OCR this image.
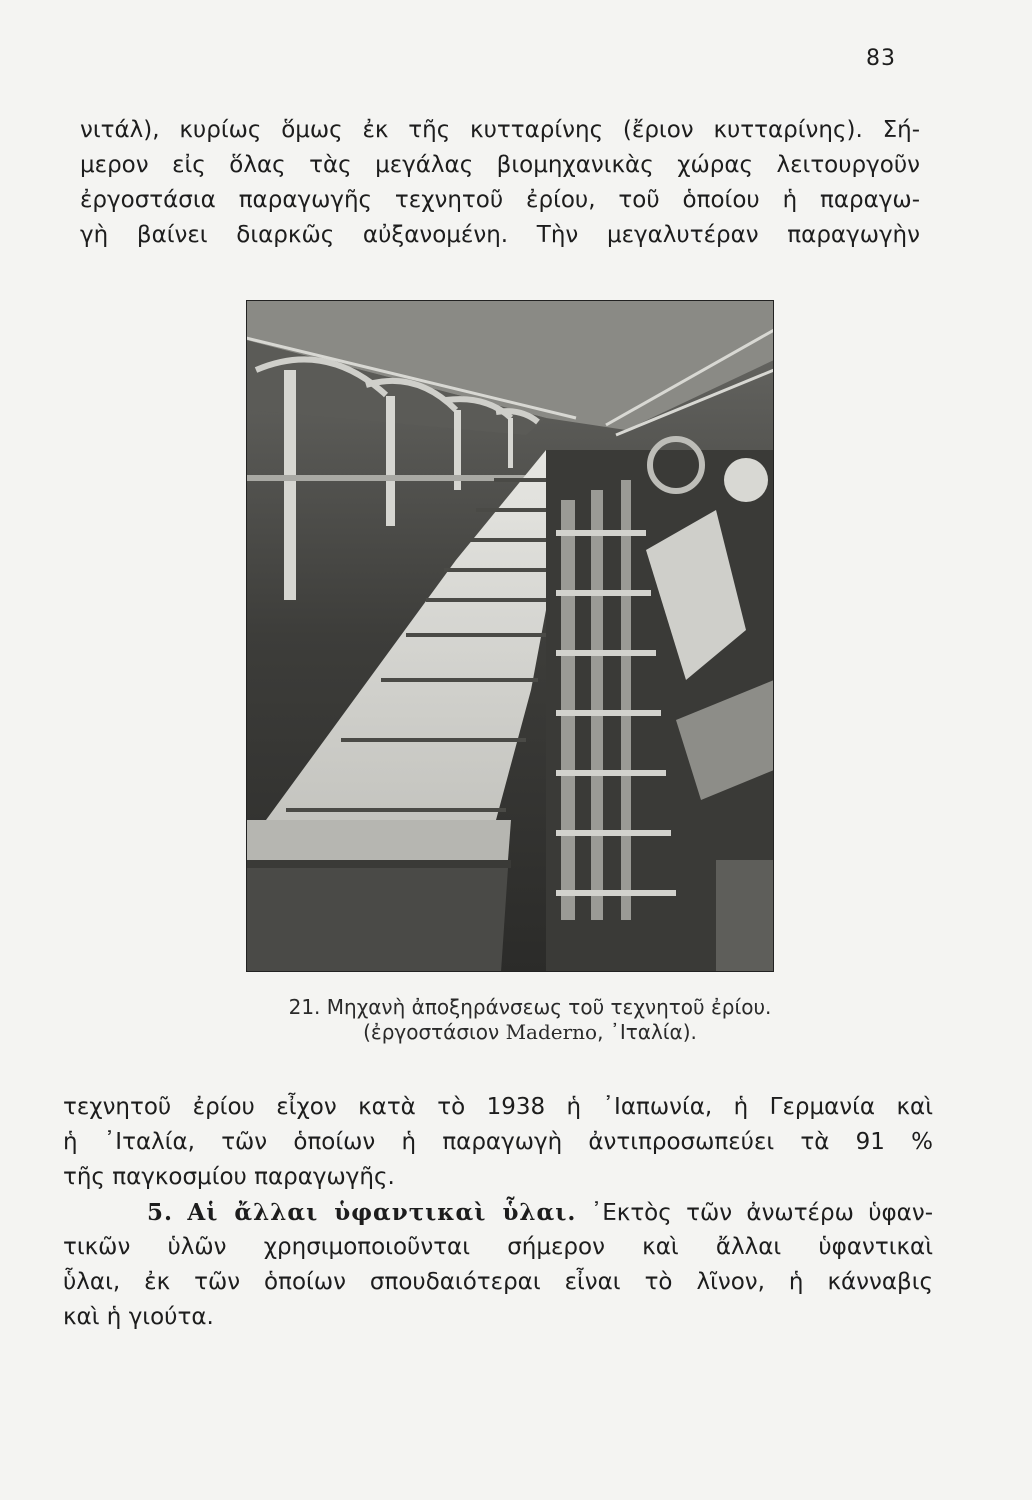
83
νιτάλ), κυρίως ὅμως ἐκ τῆς κυτταρίνης (ἔριον κυτταρίνης). Σή-
μερον εἰς ὅλας τὰς μεγάλας βιομηχανικὰς χώρας λειτουργοῦν
ἐργοστάσια παραγωγῆς τεχνητοῦ ἐρίου, τοῦ ὁποίου ἡ παραγω-
γὴ βαίνει διαρκῶς αὐξανομένη. Τὴν μεγαλυτέραν παραγωγὴν
21. Μηχανὴ ἀποξηράνσεως τοῦ τεχνητοῦ ἐρίου.
(ἐργοστάσιον Maderno, ᾿Ιταλία).
τεχνητοῦ ἐρίου εἶχον κατὰ τὸ 1938 ἡ ᾿Ιαπωνία, ἡ Γερμανία καὶ
ἡ ᾿Ιταλία, τῶν ὁποίων ἡ παραγωγὴ ἀντιπροσωπεύει τὰ 91 %
τῆς παγκοσμίου παραγωγῆς.
5. Αἱ ἄλλαι ὑφαντικαὶ ὗλαι. ᾿Εκτὸς τῶν ἀνωτέρω ὑφαν-
τικῶν ὑλῶν χρησιμοποιοῦνται σήμερον καὶ ἄλλαι ὑφαντικαὶ
ὗλαι, ἐκ τῶν ὁποίων σπουδαιότεραι εἶναι τὸ λῖνον, ἡ κάνναβις
καὶ ἡ γιούτα.
